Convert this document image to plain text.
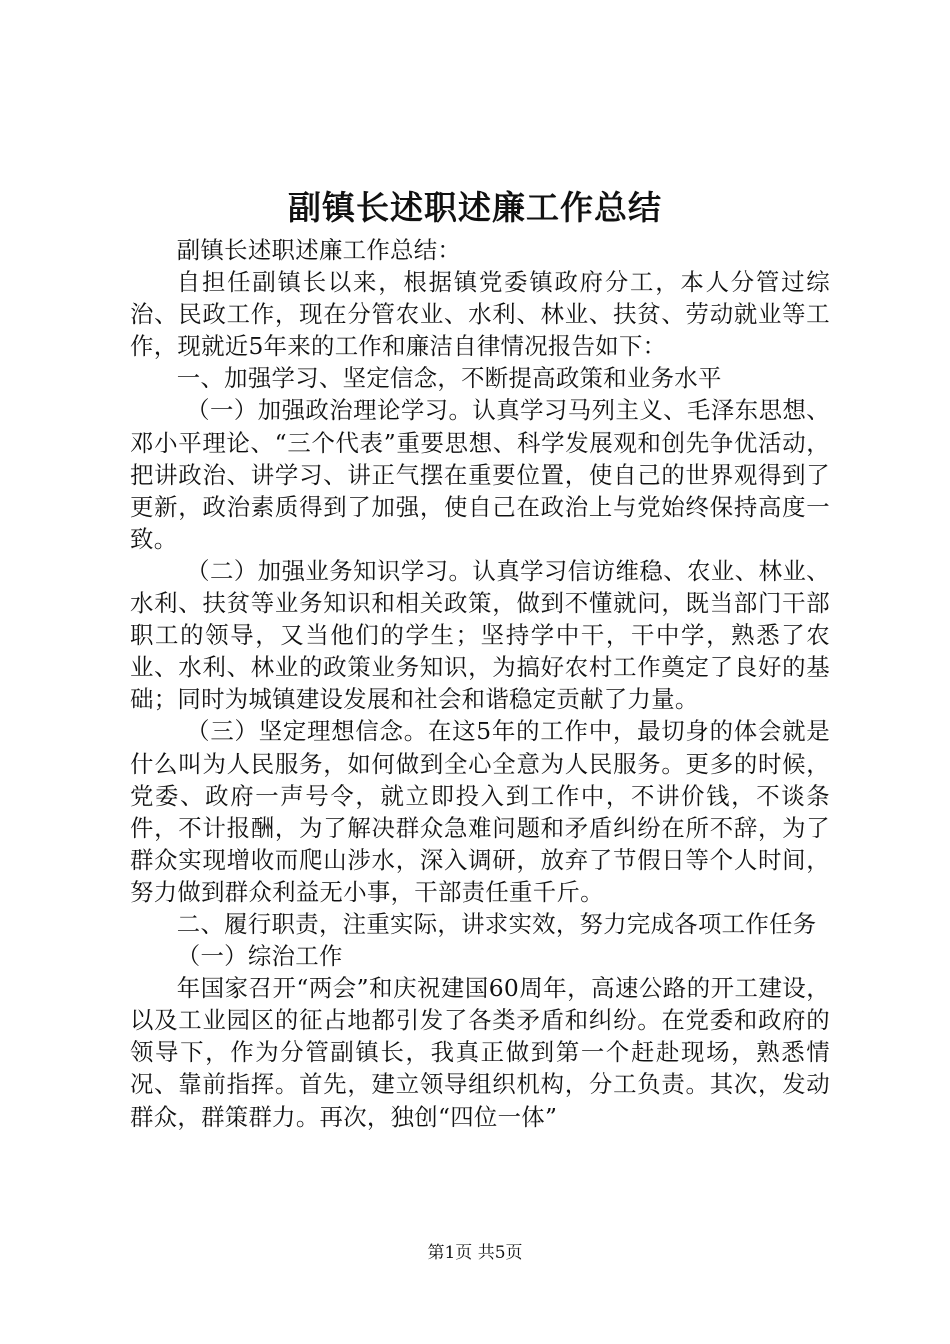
副镇长述职述廉工作总结

副镇长述职述廉工作总结：

自担任副镇长以来，根据镇党委镇政府分工，本人分管过综治、民政工作，现在分管农业、水利、林业、扶贫、劳动就业等工作，现就近5年来的工作和廉洁自律情况报告如下：

一、加强学习、坚定信念，不断提高政策和业务水平

（一）加强政治理论学习。认真学习马列主义、毛泽东思想、邓小平理论、“三个代表”重要思想、科学发展观和创先争优活动，把讲政治、讲学习、讲正气摆在重要位置，使自己的世界观得到了更新，政治素质得到了加强，使自己在政治上与党始终保持高度一致。

（二）加强业务知识学习。认真学习信访维稳、农业、林业、水利、扶贫等业务知识和相关政策，做到不懂就问，既当部门干部职工的领导，又当他们的学生；坚持学中干，干中学，熟悉了农业、水利、林业的政策业务知识，为搞好农村工作奠定了良好的基础；同时为城镇建设发展和社会和谐稳定贡献了力量。

（三）坚定理想信念。在这5年的工作中，最切身的体会就是什么叫为人民服务，如何做到全心全意为人民服务。更多的时候，党委、政府一声号令，就立即投入到工作中，不讲价钱，不谈条件，不计报酬，为了解决群众急难问题和矛盾纠纷在所不辞，为了群众实现增收而爬山涉水，深入调研，放弃了节假日等个人时间，努力做到群众利益无小事，干部责任重千斤。

二、履行职责，注重实际，讲求实效，努力完成各项工作任务

（一）综治工作

年国家召开“两会”和庆祝建国60周年，高速公路的开工建设，以及工业园区的征占地都引发了各类矛盾和纠纷。在党委和政府的领导下，作为分管副镇长，我真正做到第一个赶赴现场，熟悉情况、靠前指挥。首先，建立领导组织机构，分工负责。其次，发动群众，群策群力。再次，独创“四位一体”

第1页 共5页
